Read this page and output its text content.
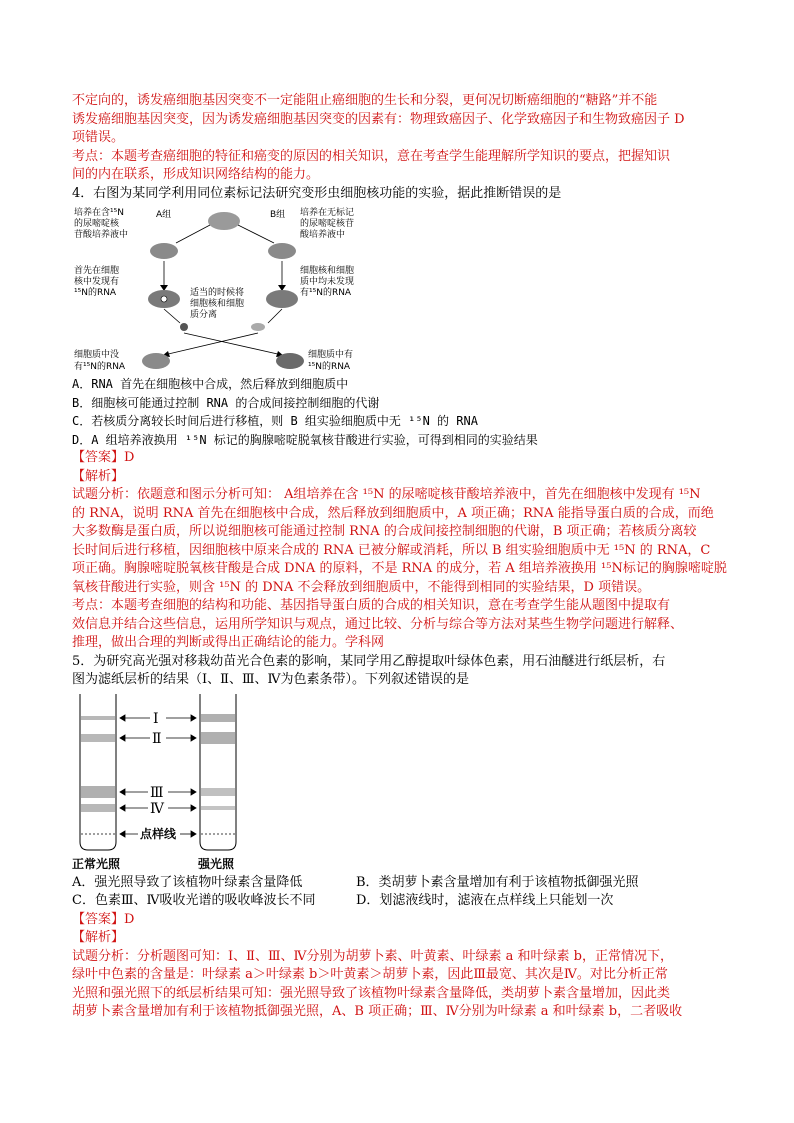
不定向的，诱发癌细胞基因突变不一定能阻止癌细胞的生长和分裂，更何况切断癌细胞的“糖路”并不能
诱发癌细胞基因突变，因为诱发癌细胞基因突变的因素有：物理致癌因子、化学致癌因子和生物致癌因子 D
项错误。
考点：本题考查癌细胞的特征和癌变的原因的相关知识，意在考查学生能理解所学知识的要点，把握知识
间的内在联系，形成知识网络结构的能力。
4．右图为某同学利用同位素标记法研究变形虫细胞核功能的实验，据此推断错误的是
A组	B组
培养在含¹⁵N
的尿嘧啶核
苷酸培养液中
培养在无标记
的尿嘧啶核苷
酸培养液中
首先在细胞
核中发现有
¹⁵N的RNA
细胞核和细胞
质中均未发现
有¹⁵N的RNA
适当的时候将
细胞核和细胞
质分离
细胞质中没
有¹⁵N的RNA
细胞质中有
¹⁵N的RNA
A．RNA 首先在细胞核中合成，然后释放到细胞质中
B．细胞核可能通过控制 RNA 的合成间接控制细胞的代谢
C．若核质分离较长时间后进行移植，则 B 组实验细胞质中无 ¹⁵N 的 RNA
D．A 组培养液换用 ¹⁵N 标记的胸腺嘧啶脱氧核苷酸进行实验，可得到相同的实验结果
【答案】D
【解析】
试题分析：依题意和图示分析可知： A组培养在含 ¹⁵N 的尿嘧啶核苷酸培养液中，首先在细胞核中发现有 ¹⁵N
的 RNA，说明 RNA 首先在细胞核中合成，然后释放到细胞质中，A 项正确；RNA 能指导蛋白质的合成，而绝
大多数酶是蛋白质，所以说细胞核可能通过控制 RNA 的合成间接控制细胞的代谢，B 项正确；若核质分离较
长时间后进行移植，因细胞核中原来合成的 RNA 已被分解或消耗，所以 B 组实验细胞质中无 ¹⁵N 的 RNA，C
项正确。胸腺嘧啶脱氧核苷酸是合成 DNA 的原料，不是 RNA 的成分，若 A 组培养液换用 ¹⁵N标记的胸腺嘧啶脱
氧核苷酸进行实验，则含 ¹⁵N 的 DNA 不会释放到细胞质中，不能得到相同的实验结果，D 项错误。
考点：本题考查细胞的结构和功能、基因指导蛋白质的合成的相关知识，意在考查学生能从题图中提取有
效信息并结合这些信息，运用所学知识与观点，通过比较、分析与综合等方法对某些生物学问题进行解释、
推理，做出合理的判断或得出正确结论的能力。学科网
5．为研究高光强对移栽幼苗光合色素的影响，某同学用乙醇提取叶绿体色素，用石油醚进行纸层析，右
图为滤纸层析的结果（Ⅰ、Ⅱ、Ⅲ、Ⅳ为色素条带）。下列叙述错误的是
Ⅰ
Ⅱ
Ⅲ
Ⅳ
点样线
正常光照	强光照
A．强光照导致了该植物叶绿素含量降低	B．类胡萝卜素含量增加有利于该植物抵御强光照
C．色素Ⅲ、Ⅳ吸收光谱的吸收峰波长不同	D．划滤液线时，滤液在点样线上只能划一次
【答案】D
【解析】
试题分析：分析题图可知：Ⅰ、Ⅱ、Ⅲ、Ⅳ分别为胡萝卜素、叶黄素、叶绿素 a 和叶绿素 b，正常情况下，
绿叶中色素的含量是：叶绿素 a＞叶绿素 b＞叶黄素＞胡萝卜素，因此Ⅲ最宽、其次是Ⅳ。对比分析正常
光照和强光照下的纸层析结果可知：强光照导致了该植物叶绿素含量降低，类胡萝卜素含量增加，因此类
胡萝卜素含量增加有利于该植物抵御强光照，A、B 项正确；Ⅲ、Ⅳ分别为叶绿素 a 和叶绿素 b，二者吸收
